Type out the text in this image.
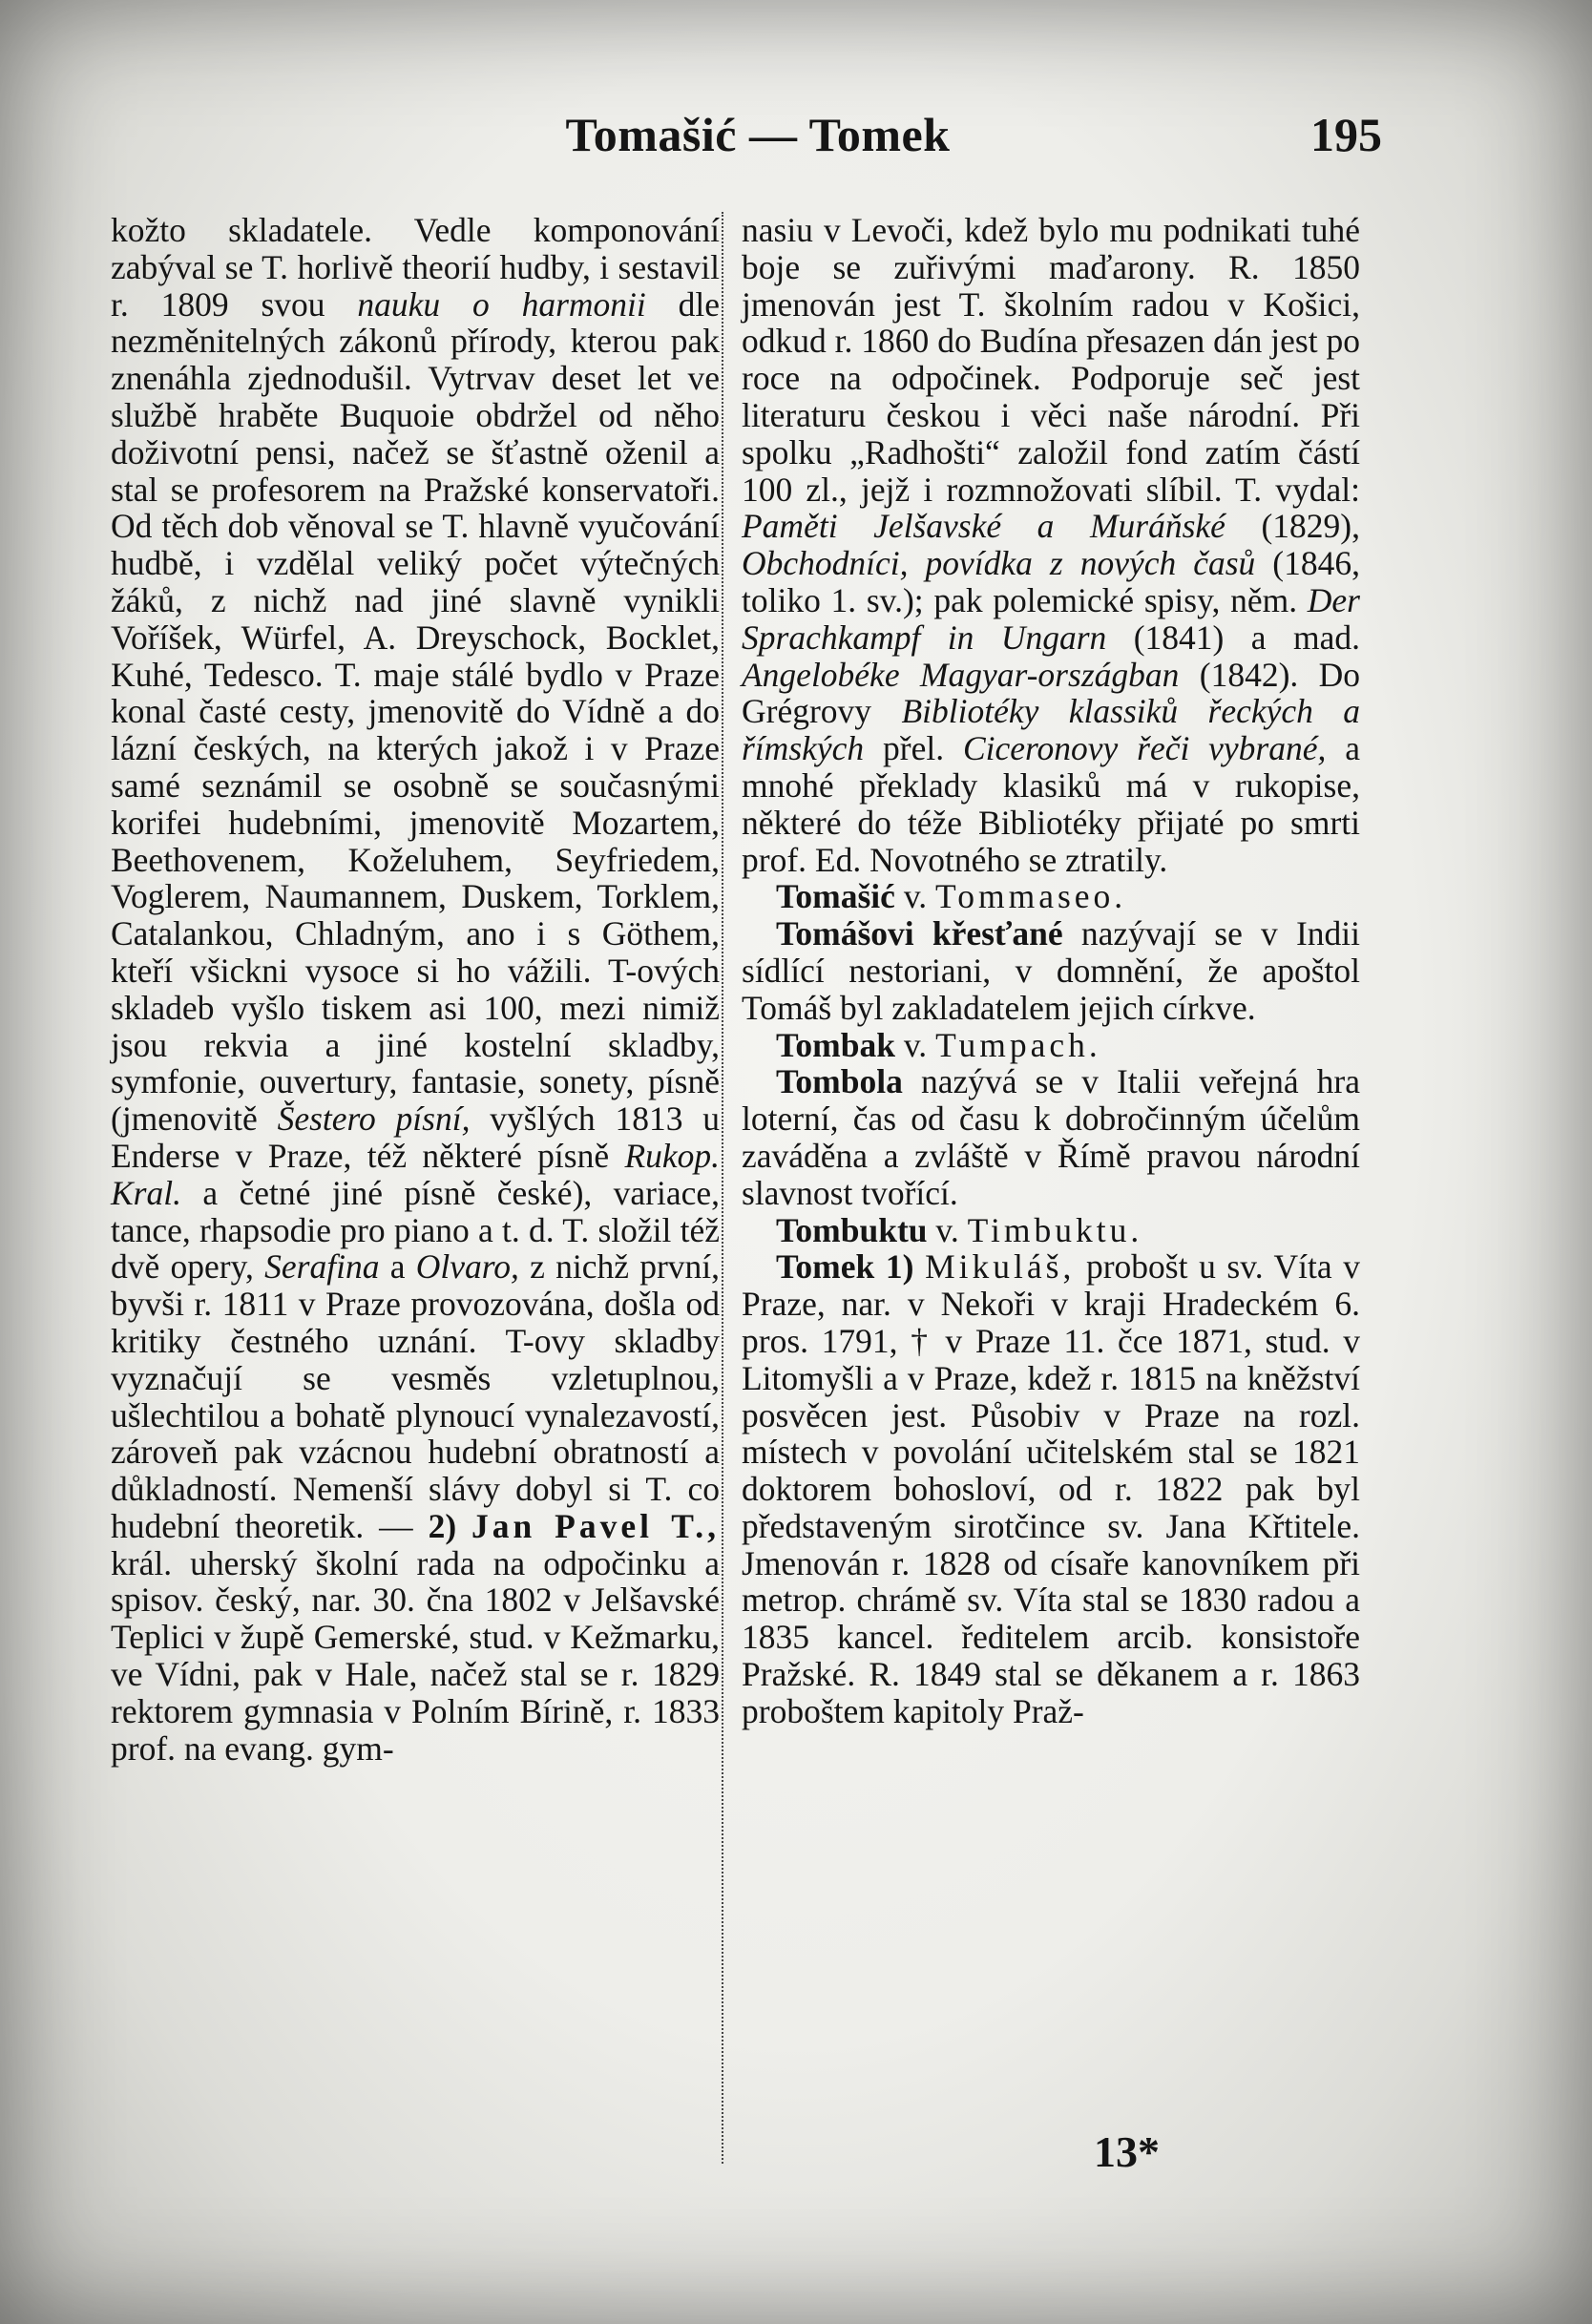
Tomašić — Tomek	195

kožto skladatele. Vedle komponování zabýval se T. horlivě theorií hudby, i sestavil r. 1809 svou nauku o harmonii dle nezměnitelných zákonů přírody, kterou pak znenáhla zjednodušil. Vytrvav deset let ve službě hraběte Buquoie obdržel od něho doživotní pensi, načež se šťastně oženil a stal se profesorem na Pražské konservatoři. Od těch dob věnoval se T. hlavně vyučování hudbě, i vzdělal veliký počet výtečných žáků, z nichž nad jiné slavně vynikli Voříšek, Würfel, A. Dreyschock, Bocklet, Kuhé, Tedesco. T. maje stálé bydlo v Praze konal časté cesty, jmenovitě do Vídně a do lázní českých, na kterých jakož i v Praze samé seznámil se osobně se současnými korifei hudebními, jmenovitě Mozartem, Beethovenem, Koželuhem, Seyfriedem, Voglerem, Naumannem, Duskem, Torklem, Catalankou, Chladným, ano i s Göthem, kteří všickni vysoce si ho vážili. T-ových skladeb vyšlo tiskem asi 100, mezi nimiž jsou rekvia a jiné kostelní skladby, symfonie, ouvertury, fantasie, sonety, písně (jmenovitě Šestero písní, vyšlých 1813 u Enderse v Praze, též některé písně Rukop. Kral. a četné jiné písně české), variace, tance, rhapsodie pro piano a t. d. T. složil též dvě opery, Serafina a Olvaro, z nichž první, byvši r. 1811 v Praze provozována, došla od kritiky čestného uznání. T-ovy skladby vyznačují se vesměs vzletuplnou, ušlechtilou a bohatě plynoucí vynalezavostí, zároveň pak vzácnou hudební obratností a důkladností. Nemenší slávy dobyl si T. co hudební theoretik. — 2) Jan Pavel T., král. uherský školní rada na odpočinku a spisov. český, nar. 30. čna 1802 v Jelšavské Teplici v župě Gemerské, stud. v Kežmarku, ve Vídni, pak v Hale, načež stal se r. 1829 rektorem gymnasia v Polním Bírině, r. 1833 prof. na evang. gym-

nasiu v Levoči, kdež bylo mu podnikati tuhé boje se zuřivými maďarony. R. 1850 jmenován jest T. školním radou v Košici, odkud r. 1860 do Budína přesazen dán jest po roce na odpočinek. Podporuje seč jest literaturu českou i věci naše národní. Při spolku „Radhošti“ založil fond zatím částí 100 zl., jejž i rozmnožovati slíbil. T. vydal: Paměti Jelšavské a Muráňské (1829), Obchodníci, povídka z nových časů (1846, toliko 1. sv.); pak polemické spisy, něm. Der Sprachkampf in Ungarn (1841) a mad. Angelobéke Magyar-országban (1842). Do Grégrovy Bibliotéky klassiků řeckých a římských přel. Ciceronovy řeči vybrané, a mnohé překlady klasiků má v rukopise, některé do téže Bibliotéky přijaté po smrti prof. Ed. Novotného se ztratily.

Tomašić v. Tommaseo.

Tomášovi křesťané nazývají se v Indii sídlící nestoriani, v domnění, že apoštol Tomáš byl zakladatelem jejich církve.

Tombak v. Tumpach.

Tombola nazývá se v Italii veřejná hra loterní, čas od času k dobročinným účelům zaváděna a zvláště v Římě pravou národní slavnost tvořící.

Tombuktu v. Timbuktu.

Tomek 1) Mikuláš, probošt u sv. Víta v Praze, nar. v Nekoři v kraji Hradeckém 6. pros. 1791, † v Praze 11. čce 1871, stud. v Litomyšli a v Praze, kdež r. 1815 na kněžství posvěcen jest. Působiv v Praze na rozl. místech v povolání učitelském stal se 1821 doktorem bohosloví, od r. 1822 pak byl představeným sirotčince sv. Jana Křtitele. Jmenován r. 1828 od císaře kanovníkem při metrop. chrámě sv. Víta stal se 1830 radou a 1835 kancel. ředitelem arcib. konsistoře Pražské. R. 1849 stal se děkanem a r. 1863 proboštem kapitoly Praž-

13*
